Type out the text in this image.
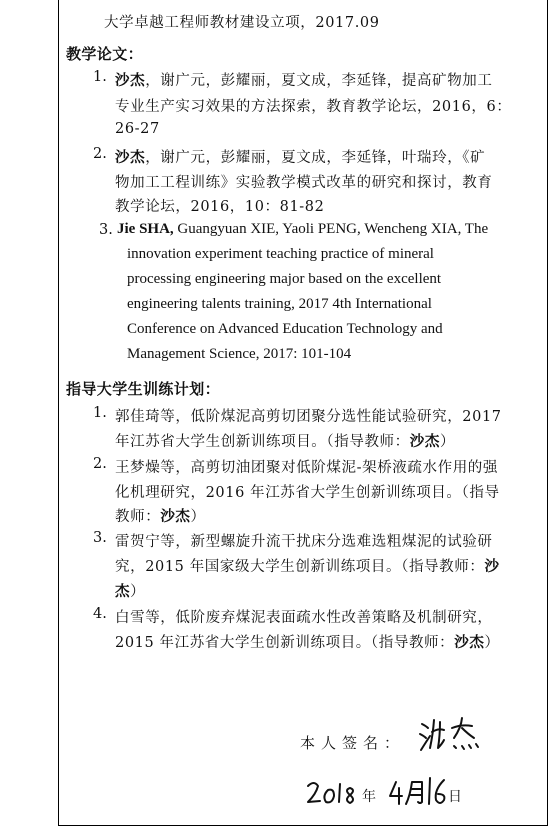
大学卓越工程师教材建设立项，2017.09
教学论文：
1. 沙杰，谢广元，彭耀丽，夏文成，李延锋，提高矿物加工
专业生产实习效果的方法探索，教育教学论坛，2016，6：
26-27
2. 沙杰，谢广元，彭耀丽，夏文成，李延锋，叶瑞玲，《矿
物加工工程训练》实验教学模式改革的研究和探讨，教育
教学论坛，2016，10：81-82
3. Jie SHA, Guangyuan XIE, Yaoli PENG, Wencheng XIA, The
innovation experiment teaching practice of mineral
processing engineering major based on the excellent
engineering talents training, 2017 4th International
Conference on Advanced Education Technology and
Management Science, 2017: 101-104
指导大学生训练计划：
1. 郭佳琦等，低阶煤泥高剪切团聚分选性能试验研究，2017
年江苏省大学生创新训练项目。（指导教师：沙杰）
2. 王梦燥等，高剪切油团聚对低阶煤泥-架桥液疏水作用的强
化机理研究，2016 年江苏省大学生创新训练项目。（指导
教师：沙杰）
3. 雷贺宁等，新型螺旋升流干扰床分选难选粗煤泥的试验研
究，2015 年国家级大学生创新训练项目。（指导教师：沙
杰）
4. 白雪等，低阶废弃煤泥表面疏水性改善策略及机制研究，
2015 年江苏省大学生创新训练项目。（指导教师：沙杰）
本人签名：
年	日
